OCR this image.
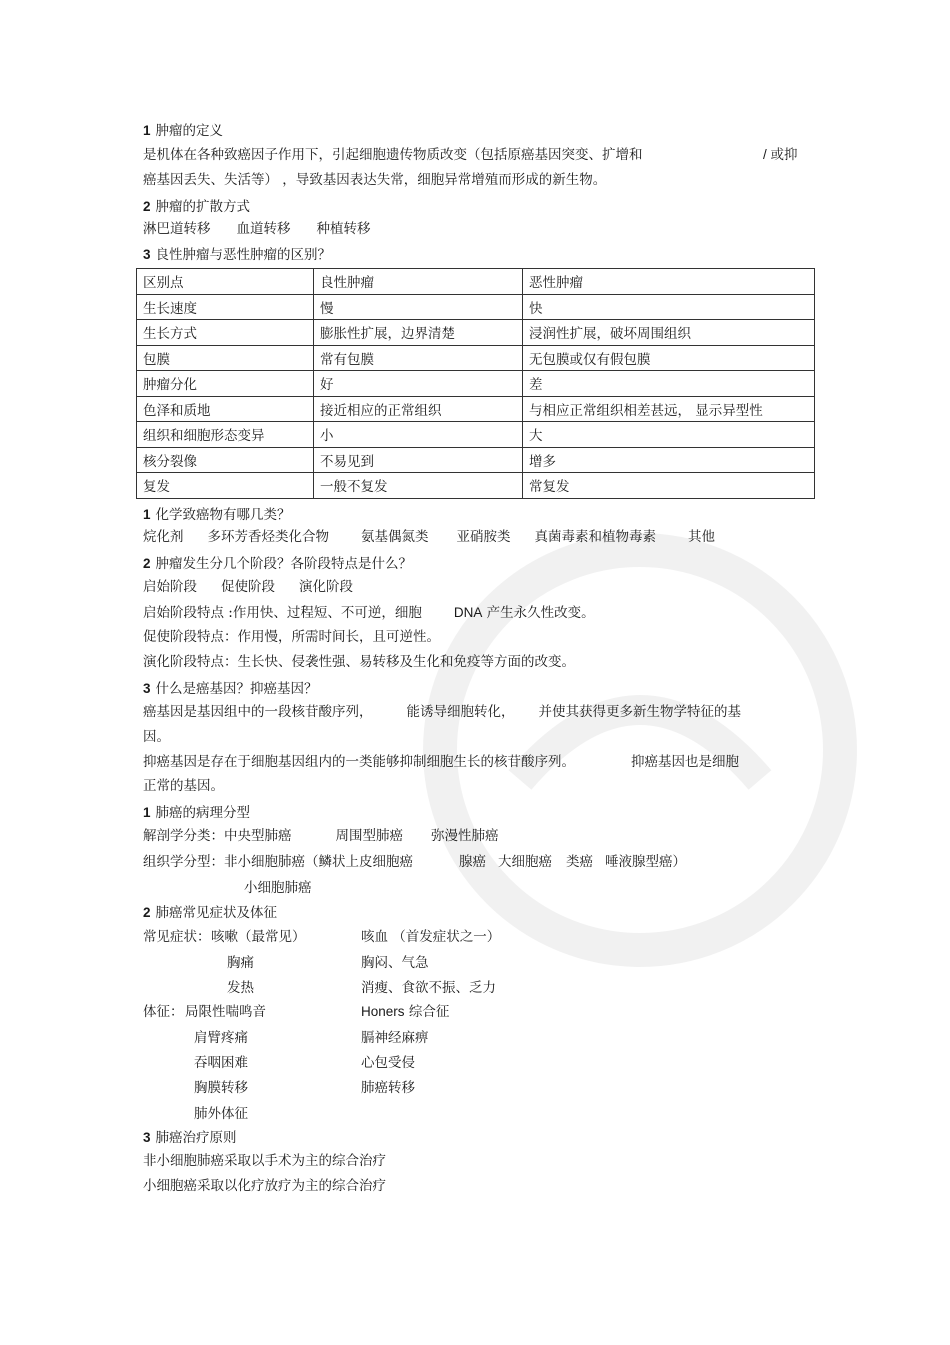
1 肿瘤的定义
是机体在各种致癌因子作用下，引起细胞遗传物质改变（包括原癌基因突变、扩增和	/ 或抑
癌基因丢失、失活等） ，导致基因表达失常，细胞异常增殖而形成的新生物。
2 肿瘤的扩散方式
淋巴道转移 血道转移 种植转移
3 良性肿瘤与恶性肿瘤的区别？
区别点	良性肿瘤	恶性肿瘤
生长速度	慢	快
生长方式	膨胀性扩展，边界清楚	浸润性扩展，破坏周围组织
包膜	常有包膜	无包膜或仅有假包膜
肿瘤分化	好	差
色泽和质地	接近相应的正常组织	与相应正常组织相差甚远， 显示异型性
组织和细胞形态变异	小	大
核分裂像	不易见到	增多
复发	一般不复发	常复发
1 化学致癌物有哪几类？
烷化剂 多环芳香烃类化合物 氨基偶氮类 亚硝胺类 真菌毒素和植物毒素 其他
2 肿瘤发生分几个阶段？各阶段特点是什么？
启始阶段 促使阶段 演化阶段
启始阶段特点 :作用快、过程短、不可逆，细胞 DNA 产生永久性改变。
促使阶段特点：作用慢，所需时间长，且可逆性。
演化阶段特点：生长快、侵袭性强、易转移及生化和免疫等方面的改变。
3 什么是癌基因？抑癌基因？
癌基因是基因组中的一段核苷酸序列，	能诱导细胞转化， 并使其获得更多新生物学特征的基
因。
抑癌基因是存在于细胞基因组内的一类能够抑制细胞生长的核苷酸序列。	抑癌基因也是细胞
正常的基因。
1 肺癌的病理分型
解剖学分类：中央型肺癌	周围型肺癌 弥漫性肺癌
组织学分型：非小细胞肺癌（鳞状上皮细胞癌	腺癌 大细胞癌 类癌 唾液腺型癌）
小细胞肺癌
2 肺癌常见症状及体征
常见症状： 咳嗽（最常见）	咳血 （首发症状之一）
胸痛	胸闷、气急
发热	消瘦、食欲不振、乏力
体征： 局限性喘鸣音	Honers 综合征
肩臂疼痛	膈神经麻痹
吞咽困难	心包受侵
胸膜转移	肺癌转移
肺外体征
3 肺癌治疗原则
非小细胞肺癌采取以手术为主的综合治疗
小细胞癌采取以化疗放疗为主的综合治疗
